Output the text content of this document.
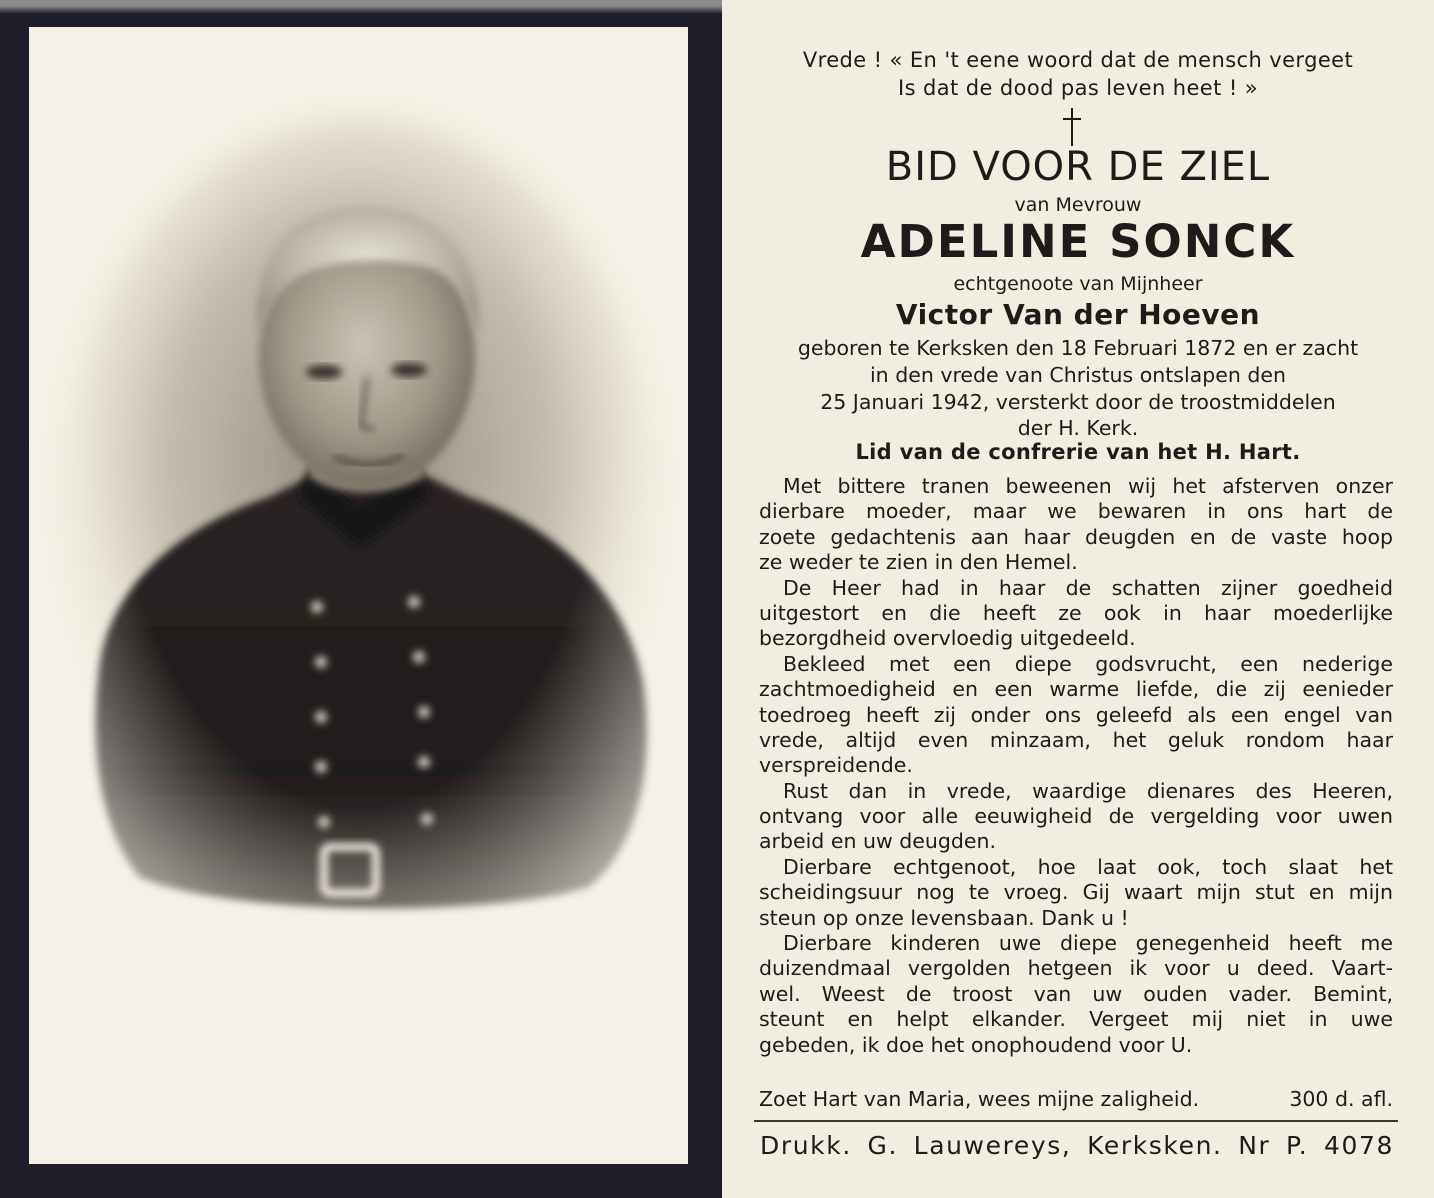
Vrede ! « En 't eene woord dat de mensch vergeet
Is dat de dood pas leven heet ! »
BID VOOR DE ZIEL
van Mevrouw
ADELINE SONCK
echtgenoote van Mijnheer
Victor Van der Hoeven
geboren te Kerksken den 18 Februari 1872 en er zacht
in den vrede van Christus ontslapen den
25 Januari 1942, versterkt door de troostmiddelen
der H. Kerk.
Lid van de confrerie van het H. Hart.
Met bittere tranen beweenen wij het afsterven onzer
dierbare moeder, maar we bewaren in ons hart de
zoete gedachtenis aan haar deugden en de vaste hoop
ze weder te zien in den Hemel.
De Heer had in haar de schatten zijner goedheid
uitgestort en die heeft ze ook in haar moederlijke
bezorgdheid overvloedig uitgedeeld.
Bekleed met een diepe godsvrucht, een nederige
zachtmoedigheid en een warme liefde, die zij eenieder
toedroeg heeft zij onder ons geleefd als een engel van
vrede, altijd even minzaam, het geluk rondom haar
verspreidende.
Rust dan in vrede, waardige dienares des Heeren,
ontvang voor alle eeuwigheid de vergelding voor uwen
arbeid en uw deugden.
Dierbare echtgenoot, hoe laat ook, toch slaat het
scheidingsuur nog te vroeg. Gij waart mijn stut en mijn
steun op onze levensbaan. Dank u !
Dierbare kinderen uwe diepe genegenheid heeft me
duizendmaal vergolden hetgeen ik voor u deed. Vaart-
wel. Weest de troost van uw ouden vader. Bemint,
steunt en helpt elkander. Vergeet mij niet in uwe
gebeden, ik doe het onophoudend voor U.
Zoet Hart van Maria, wees mijne zaligheid.	300 d. afl.
Drukk. G. Lauwereys, Kerksken. Nr P. 4078
